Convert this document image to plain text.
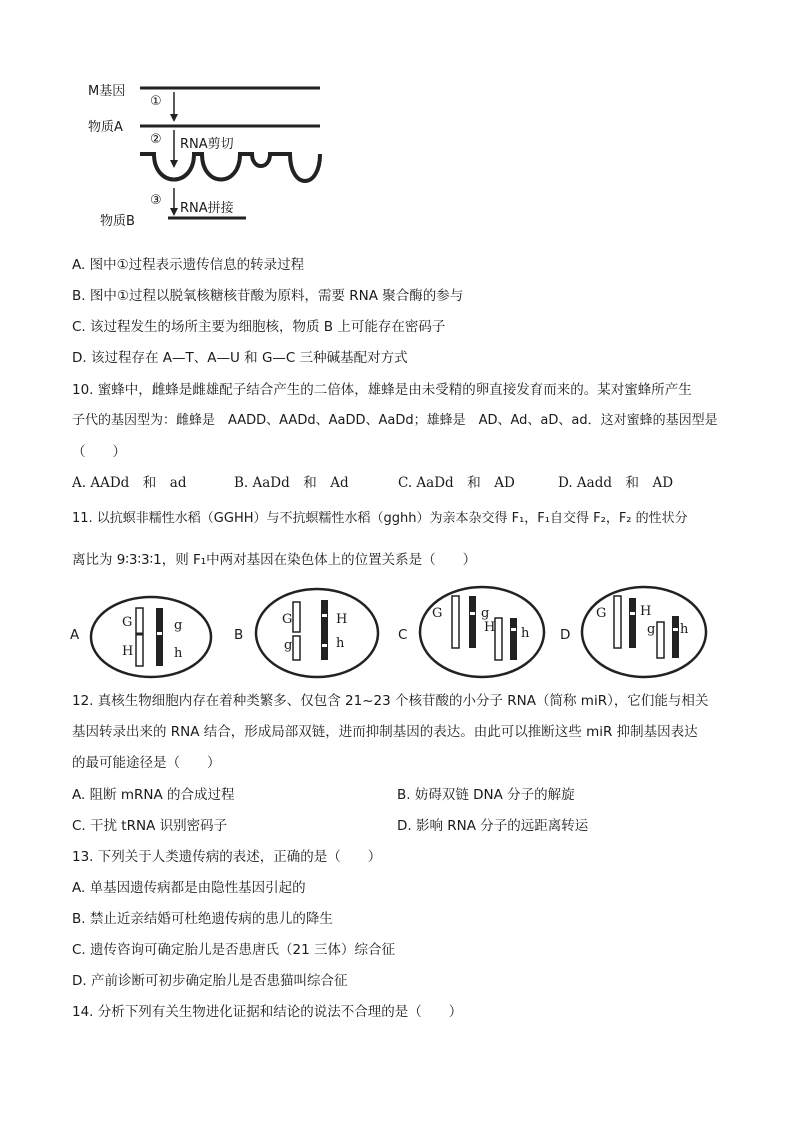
M基因
物质A
物质B
①
② RNA剪切
③
RNA拼接
A. 图中①过程表示遗传信息的转录过程
B. 图中①过程以脱氧核糖核苷酸为原料，需要 RNA 聚合酶的参与
C. 该过程发生的场所主要为细胞核，物质 B 上可能存在密码子
D. 该过程存在 A—T、A—U 和 G—C 三种碱基配对方式
10. 蜜蜂中，雌蜂是雌雄配子结合产生的二倍体，雄蜂是由未受精的卵直接发育而来的。某对蜜蜂所产生
子代的基因型为：雌蜂是　AADD、AADd、AaDD、AaDd；雄蜂是　AD、Ad、aD、ad．这对蜜蜂的基因型是
（　　）
A. AADd　和　ad	B. AaDd　和　Ad	C. AaDd　和　AD	D. Aadd　和　AD
11. 以抗螟非糯性水稻（GGHH）与不抗螟糯性水稻（gghh）为亲本杂交得 F₁，F₁自交得 F₂，F₂ 的性状分
离比为 9∶3∶3∶1，则 F₁中两对基因在染色体上的位置关系是（　　）
A
G
H
g
h
B
G
g
H
h
C
G	g
H h D
G	H
g h
12. 真核生物细胞内存在着种类繁多、仅包含 21~23 个核苷酸的小分子 RNA（简称 miR），它们能与相关
基因转录出来的 RNA 结合，形成局部双链，进而抑制基因的表达。由此可以推断这些 miR 抑制基因表达
的最可能途径是（　　）
A. 阻断 mRNA 的合成过程	B. 妨碍双链 DNA 分子的解旋
C. 干扰 tRNA 识别密码子	D. 影响 RNA 分子的远距离转运
13. 下列关于人类遗传病的表述，正确的是（　　）
A. 单基因遗传病都是由隐性基因引起的
B. 禁止近亲结婚可杜绝遗传病的患儿的降生
C. 遗传咨询可确定胎儿是否患唐氏（21 三体）综合征
D. 产前诊断可初步确定胎儿是否患猫叫综合征
14. 分析下列有关生物进化证据和结论的说法不合理的是（　　）
